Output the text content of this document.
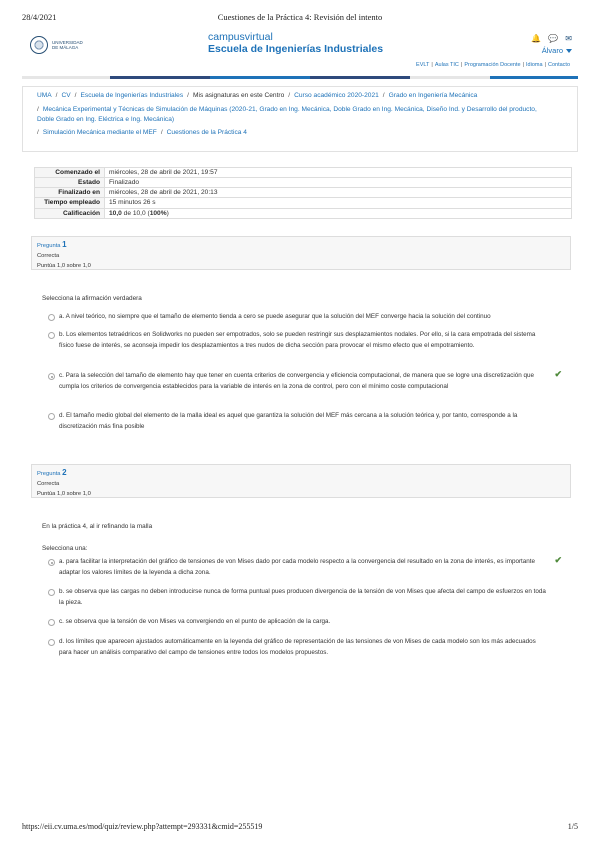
28/4/2021	Cuestiones de la Práctica 4: Revisión del intento
UNIVERSIDAD DE MÁLAGA
campusvirtual
Escuela de Ingenierías Industriales
🔔 💬 ✉
Álvaro
EVLT | Aulas TIC | Programación Docente | Idioma | Contacto
UMA / CV / Escuela de Ingenierías Industriales / Mis asignaturas en este Centro / Curso académico 2020-2021 / Grado en Ingeniería Mecánica
/ Mecánica Experimental y Técnicas de Simulación de Máquinas (2020-21, Grado en Ing. Mecánica, Doble Grado en Ing. Mecánica, Diseño Ind. y Desarrollo del producto, Doble Grado en Ing. Eléctrica e Ing. Mecánica)
/ Simulación Mecánica mediante el MEF / Cuestiones de la Práctica 4
Comenzado el	miércoles, 28 de abril de 2021, 19:57
Estado	Finalizado
Finalizado en	miércoles, 28 de abril de 2021, 20:13
Tiempo empleado	15 minutos 26 s
Calificación	10,0 de 10,0 (100%)
Pregunta 1
Correcta
Puntúa 1,0 sobre 1,0
Selecciona la afirmación verdadera
a. A nivel teórico, no siempre que el tamaño de elemento tienda a cero se puede asegurar que la solución del MEF converge hacia la solución del continuo
b. Los elementos tetraédricos en Solidworks no pueden ser empotrados, solo se pueden restringir sus desplazamientos nodales. Por ello, si la cara empotrada del sistema físico fuese de interés, se aconseja impedir los desplazamientos a tres nudos de dicha sección para provocar el mismo efecto que el empotramiento.
c. Para la selección del tamaño de elemento hay que tener en cuenta criterios de convergencia y eficiencia computacional, de manera que se logre una discretización que cumpla los criterios de convergencia establecidos para la variable de interés en la zona de control, pero con el mínimo coste computacional
✔
d. El tamaño medio global del elemento de la malla ideal es aquel que garantiza la solución del MEF más cercana a la solución teórica y, por tanto, corresponde a la discretización más fina posible
Pregunta 2
Correcta
Puntúa 1,0 sobre 1,0
En la práctica 4, al ir refinando la malla
Selecciona una:
a. para facilitar la interpretación del gráfico de tensiones de von Mises dado por cada modelo respecto a la convergencia del resultado en la zona de interés, es importante adaptar los valores límites de la leyenda a dicha zona.
✔
b. se observa que las cargas no deben introducirse nunca de forma puntual pues producen divergencia de la tensión de von Mises que afecta del campo de esfuerzos en toda la pieza.
c. se observa que la tensión de von Mises va convergiendo en el punto de aplicación de la carga.
d. los límites que aparecen ajustados automáticamente en la leyenda del gráfico de representación de las tensiones de von Mises de cada modelo son los más adecuados para hacer un análisis comparativo del campo de tensiones entre todos los modelos propuestos.
https://eii.cv.uma.es/mod/quiz/review.php?attempt=293331&cmid=255519	1/5
